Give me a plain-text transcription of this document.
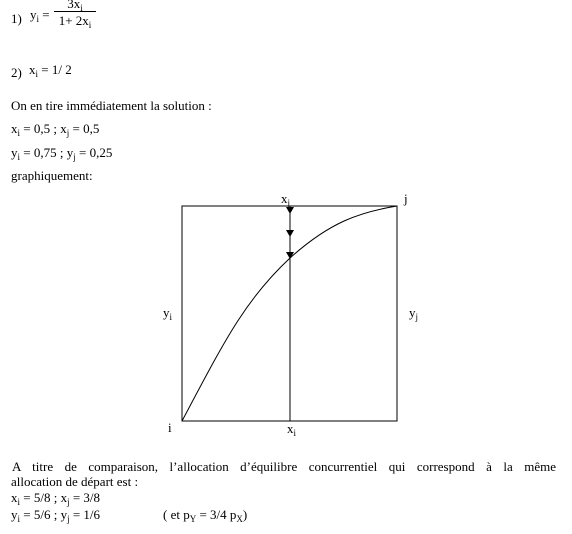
1) $y_i$ =
$3x_i$
$1+ 2x_i$
2) $x_i = 1/$ 2
On en tire immédiatement la solution :
$x_i = 0,5$ ; $x_j = 0,5$
$y_i = 0,75$ ; $y_j = 0,25$
graphiquement:
$x_j$	j
$y_i$	$y_j$
i	$x_i$
A titre de comparaison, l’allocation d’équilibre concurrentiel qui correspond à la même
allocation de départ est :
$x_i = 5/8$ ; $x_j = 3/8$
$y_i = 5/6$ ; $y_j = 1/6$	( et $p_Y = 3/4$ $p_X$)
